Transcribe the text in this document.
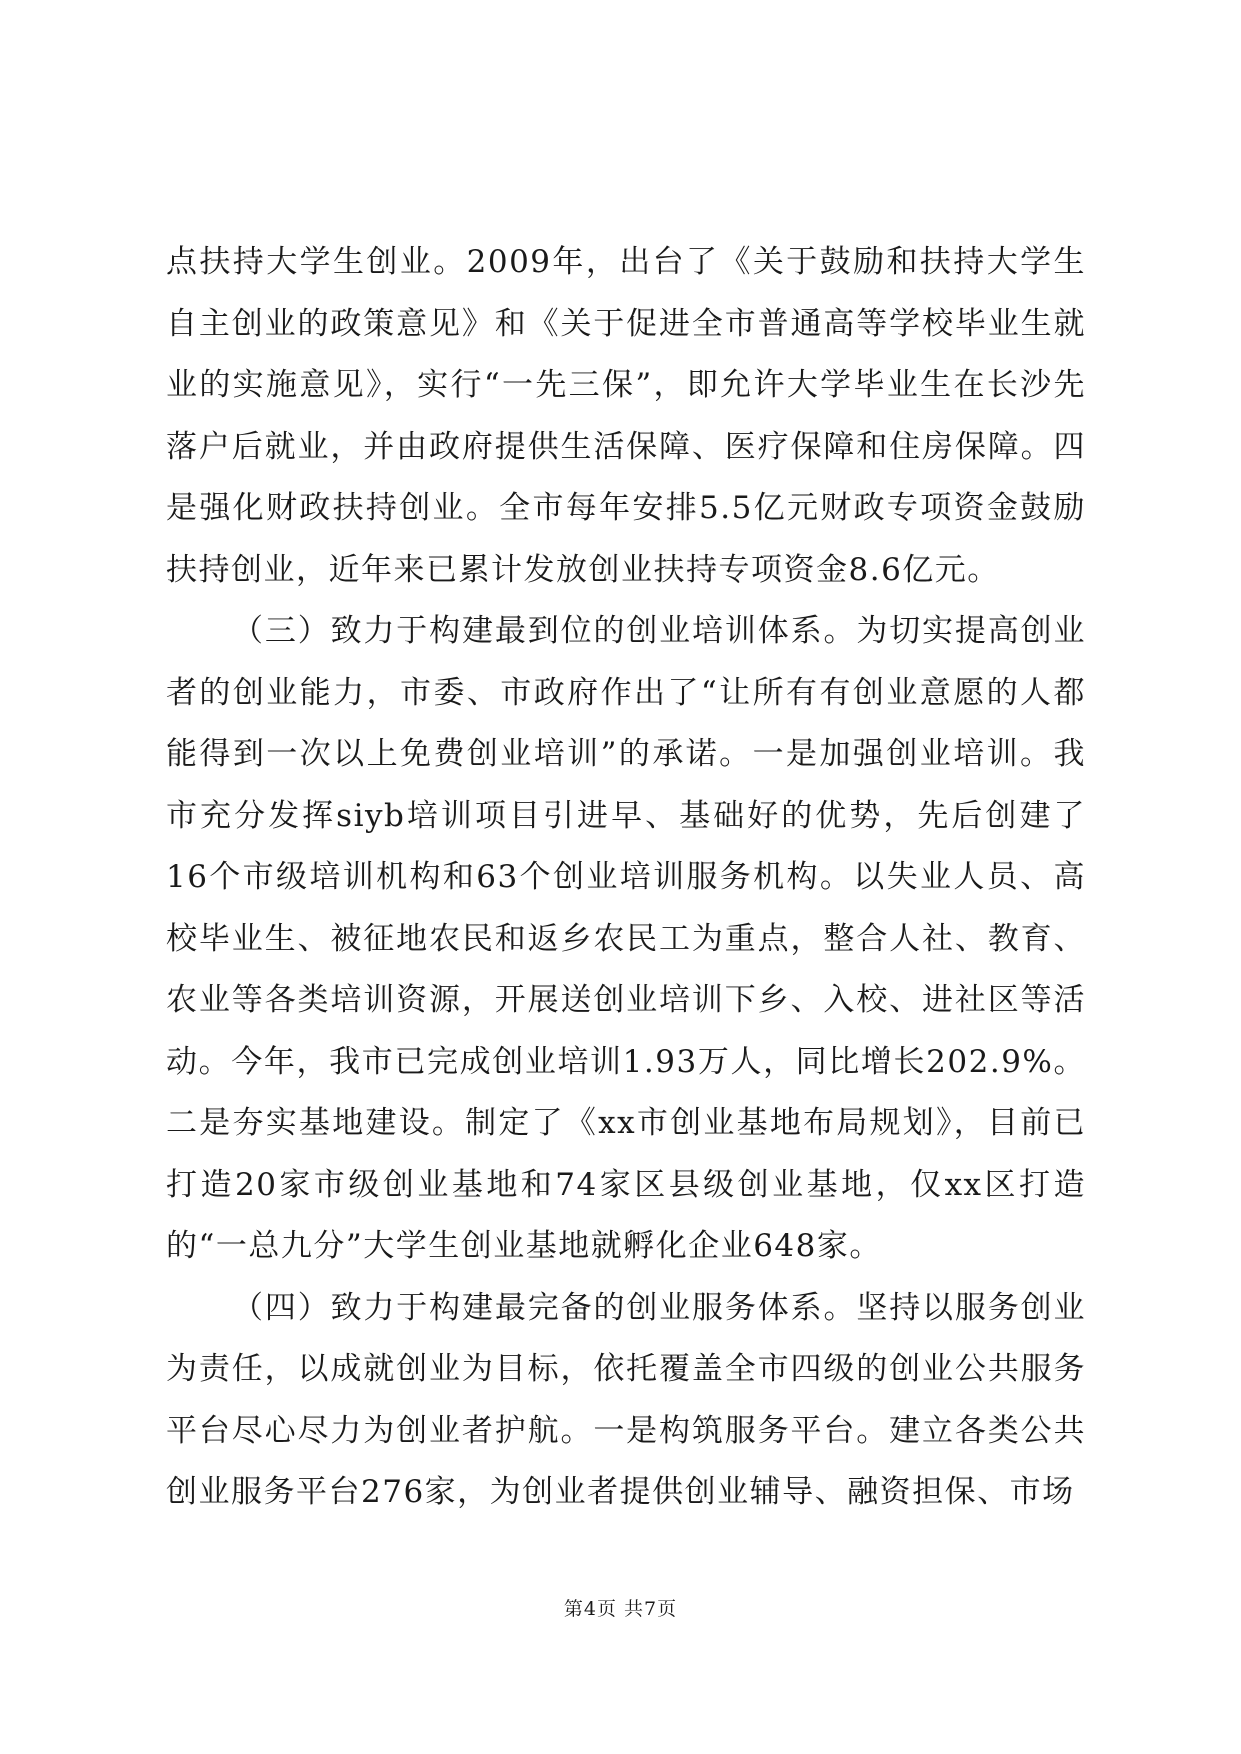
点扶持大学生创业。2009年，出台了《关于鼓励和扶持大学生自主创业的政策意见》和《关于促进全市普通高等学校毕业生就业的实施意见》，实行“一先三保”，即允许大学毕业生在长沙先落户后就业，并由政府提供生活保障、医疗保障和住房保障。四是强化财政扶持创业。全市每年安排5.5亿元财政专项资金鼓励扶持创业，近年来已累计发放创业扶持专项资金8.6亿元。

（三）致力于构建最到位的创业培训体系。为切实提高创业者的创业能力，市委、市政府作出了“让所有有创业意愿的人都能得到一次以上免费创业培训”的承诺。一是加强创业培训。我市充分发挥siyb培训项目引进早、基础好的优势，先后创建了16个市级培训机构和63个创业培训服务机构。以失业人员、高校毕业生、被征地农民和返乡农民工为重点，整合人社、教育、农业等各类培训资源，开展送创业培训下乡、入校、进社区等活动。今年，我市已完成创业培训1.93万人，同比增长202.9%。二是夯实基地建设。制定了《xx市创业基地布局规划》，目前已打造20家市级创业基地和74家区县级创业基地，仅xx区打造的“一总九分”大学生创业基地就孵化企业648家。

（四）致力于构建最完备的创业服务体系。坚持以服务创业为责任，以成就创业为目标，依托覆盖全市四级的创业公共服务平台尽心尽力为创业者护航。一是构筑服务平台。建立各类公共创业服务平台276家，为创业者提供创业辅导、融资担保、市场

第4页 共7页
